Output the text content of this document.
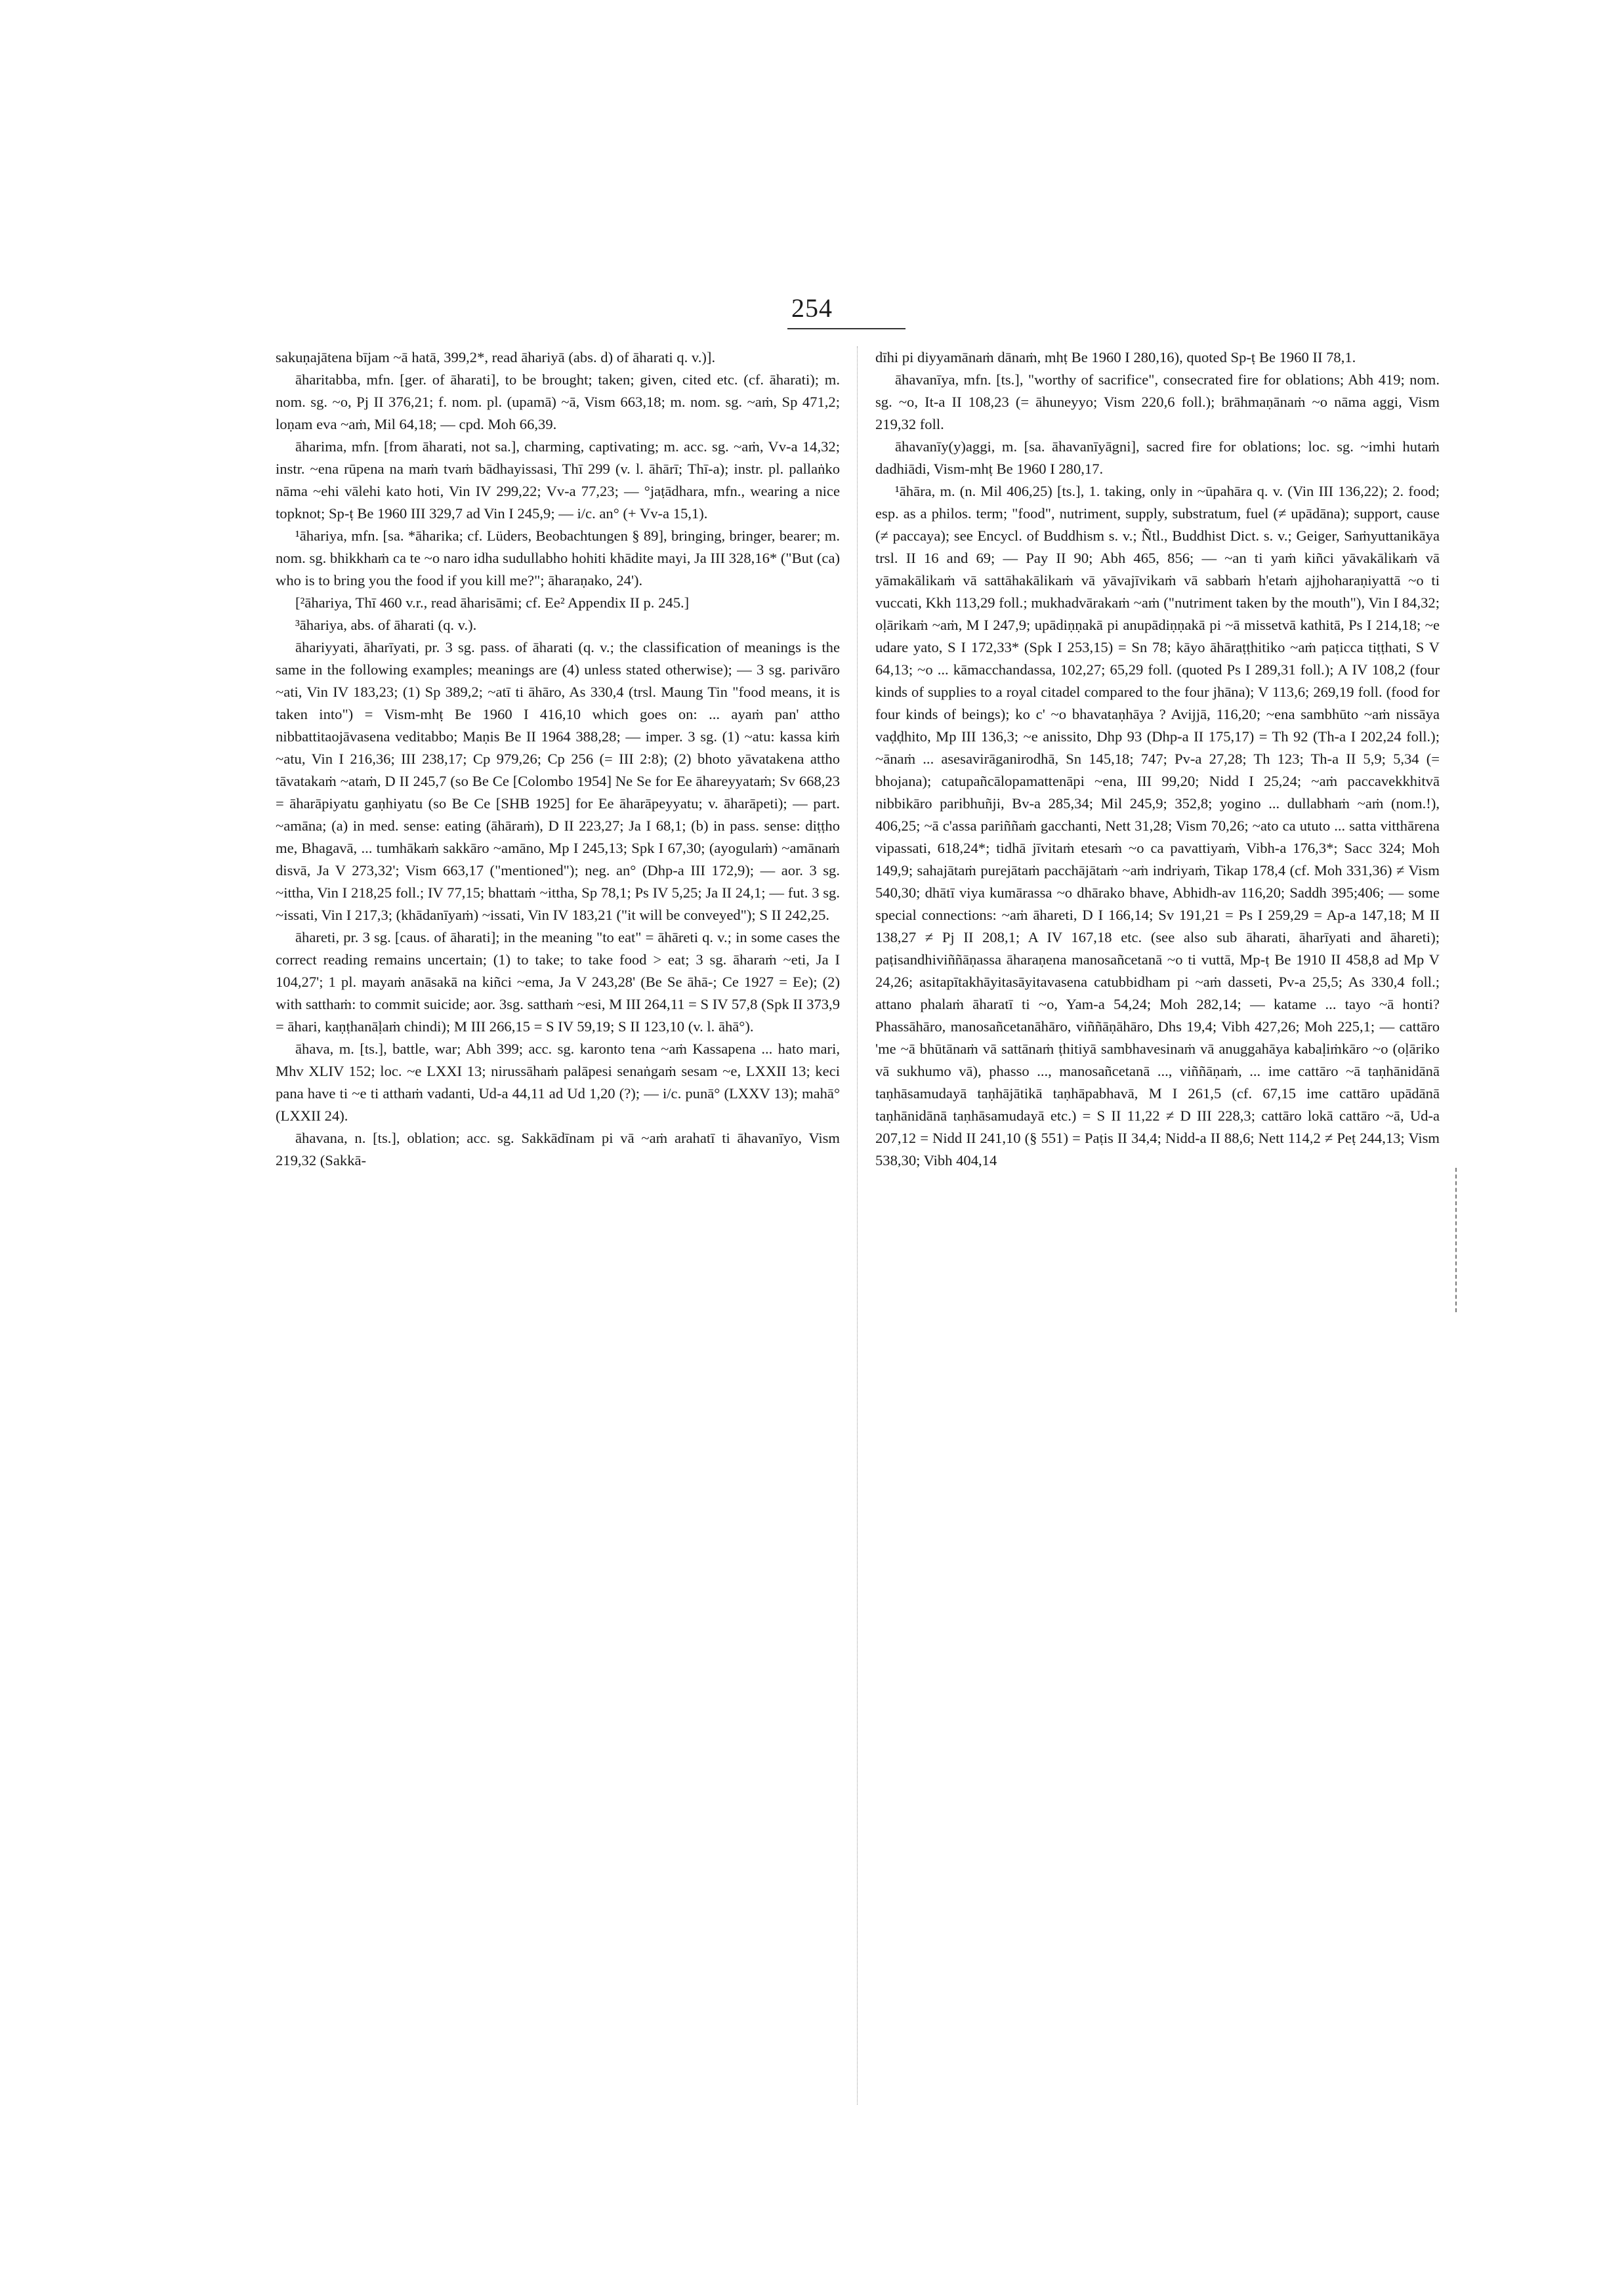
254

sakuṇajātena bījam ~ā hatā, 399,2*, read āhariyā (abs. d) of āharati q. v.)].

āharitabba, mfn. [ger. of āharati], to be brought; taken; given, cited etc. (cf. āharati); m. nom. sg. ~o, Pj II 376,21; f. nom. pl. (upamā) ~ā, Vism 663,18; m. nom. sg. ~aṁ, Sp 471,2; loṇam eva ~aṁ, Mil 64,18; — cpd. Moh 66,39.

āharima, mfn. [from āharati, not sa.], charming, captivating; m. acc. sg. ~aṁ, Vv-a 14,32; instr. ~ena rūpena na maṁ tvaṁ bādhayissasi, Thī 299 (v. l. āhārī; Thī-a); instr. pl. pallaṅko nāma ~ehi vālehi kato hoti, Vin IV 299,22; Vv-a 77,23; — °jaṭādhara, mfn., wearing a nice topknot; Sp-ṭ Be 1960 III 329,7 ad Vin I 245,9; — i/c. an° (+ Vv-a 15,1).

¹āhariya, mfn. [sa. *āharika; cf. Lüders, Beobachtungen § 89], bringing, bringer, bearer; m. nom. sg. bhikkhaṁ ca te ~o naro idha sudullabho hohiti khādite mayi, Ja III 328,16* ("But (ca) who is to bring you the food if you kill me?"; āharaṇako, 24').

[²āhariya, Thī 460 v.r., read āharisāmi; cf. Ee² Appendix II p. 245.]

³āhariya, abs. of āharati (q. v.).

āhariyyati, āharīyati, pr. 3 sg. pass. of āharati (q. v.; the classification of meanings is the same in the following examples; meanings are (4) unless stated otherwise); — 3 sg. parivāro ~ati, Vin IV 183,23; (1) Sp 389,2; ~atī ti āhāro, As 330,4 (trsl. Maung Tin "food means, it is taken into") = Vism-mhṭ Be 1960 I 416,10 which goes on: ... ayaṁ pan' attho nibbattitaojāvasena veditabbo; Maṇis Be II 1964 388,28; — imper. 3 sg. (1) ~atu: kassa kiṁ ~atu, Vin I 216,36; III 238,17; Cp 979,26; Cp 256 (= III 2:8); (2) bhoto yāvatakena attho tāvatakaṁ ~ataṁ, D II 245,7 (so Be Ce [Colombo 1954] Ne Se for Ee āhareyyataṁ; Sv 668,23 = āharāpiyatu gaṇhiyatu (so Be Ce [SHB 1925] for Ee āharāpeyyatu; v. āharāpeti); — part. ~amāna; (a) in med. sense: eating (āhāraṁ), D II 223,27; Ja I 68,1; (b) in pass. sense: diṭṭho me, Bhagavā, ... tumhākaṁ sakkāro ~amāno, Mp I 245,13; Spk I 67,30; (ayogulaṁ) ~amānaṁ disvā, Ja V 273,32'; Vism 663,17 ("mentioned"); neg. an° (Dhp-a III 172,9); — aor. 3 sg. ~ittha, Vin I 218,25 foll.; IV 77,15; bhattaṁ ~ittha, Sp 78,1; Ps IV 5,25; Ja II 24,1; — fut. 3 sg. ~issati, Vin I 217,3; (khādanīyaṁ) ~issati, Vin IV 183,21 ("it will be conveyed"); S II 242,25.

āhareti, pr. 3 sg. [caus. of āharati]; in the meaning "to eat" = āhāreti q. v.; in some cases the correct reading remains uncertain; (1) to take; to take food > eat; 3 sg. āharaṁ ~eti, Ja I 104,27'; 1 pl. mayaṁ anāsakā na kiñci ~ema, Ja V 243,28' (Be Se āhā-; Ce 1927 = Ee); (2) with satthaṁ: to commit suicide; aor. 3sg. satthaṁ ~esi, M III 264,11 = S IV 57,8 (Spk II 373,9 = āhari, kaṇṭhanāḷaṁ chindi); M III 266,15 = S IV 59,19; S II 123,10 (v. l. āhā°).

āhava, m. [ts.], battle, war; Abh 399; acc. sg. karonto tena ~aṁ Kassapena ... hato mari, Mhv XLIV 152; loc. ~e LXXI 13; nirussāhaṁ palāpesi senaṅgaṁ sesam ~e, LXXII 13; keci pana have ti ~e ti atthaṁ vadanti, Ud-a 44,11 ad Ud 1,20 (?); — i/c. punā° (LXXV 13); mahā° (LXXII 24).

āhavana, n. [ts.], oblation; acc. sg. Sakkādīnam pi vā ~aṁ arahatī ti āhavanīyo, Vism 219,32 (Sakkā-

dīhi pi diyyamānaṁ dānaṁ, mhṭ Be 1960 I 280,16), quoted Sp-ṭ Be 1960 II 78,1.

āhavanīya, mfn. [ts.], "worthy of sacrifice", consecrated fire for oblations; Abh 419; nom. sg. ~o, It-a II 108,23 (= āhuneyyo; Vism 220,6 foll.); brāhmaṇānaṁ ~o nāma aggi, Vism 219,32 foll.

āhavanīy(y)aggi, m. [sa. āhavanīyāgni], sacred fire for oblations; loc. sg. ~imhi hutaṁ dadhiādi, Vism-mhṭ Be 1960 I 280,17.

¹āhāra, m. (n. Mil 406,25) [ts.], 1. taking, only in ~ūpahāra q. v. (Vin III 136,22); 2. food; esp. as a philos. term; "food", nutriment, supply, substratum, fuel (≠ upādāna); support, cause (≠ paccaya); see Encycl. of Buddhism s. v.; Ñtl., Buddhist Dict. s. v.; Geiger, Saṁyuttanikāya trsl. II 16 and 69; — Pay II 90; Abh 465, 856; — ~an ti yaṁ kiñci yāvakālikaṁ vā yāmakālikaṁ vā sattāhakālikaṁ vā yāvajīvikaṁ vā sabbaṁ h'etaṁ ajjhoharaṇiyattā ~o ti vuccati, Kkh 113,29 foll.; mukhadvārakaṁ ~aṁ ("nutriment taken by the mouth"), Vin I 84,32; oḷārikaṁ ~aṁ, M I 247,9; upādiṇṇakā pi anupādiṇṇakā pi ~ā missetvā kathitā, Ps I 214,18; ~e udare yato, S I 172,33* (Spk I 253,15) = Sn 78; kāyo āhāraṭṭhitiko ~aṁ paṭicca tiṭṭhati, S V 64,13; ~o ... kāmacchandassa, 102,27; 65,29 foll. (quoted Ps I 289,31 foll.); A IV 108,2 (four kinds of supplies to a royal citadel compared to the four jhāna); V 113,6; 269,19 foll. (food for four kinds of beings); ko c' ~o bhavataṇhāya ? Avijjā, 116,20; ~ena sambhūto ~aṁ nissāya vaḍḍhito, Mp III 136,3; ~e anissito, Dhp 93 (Dhp-a II 175,17) = Th 92 (Th-a I 202,24 foll.); ~ānaṁ ... asesavirāganirodhā, Sn 145,18; 747; Pv-a 27,28; Th 123; Th-a II 5,9; 5,34 (= bhojana); catupañcālopamattenāpi ~ena, III 99,20; Nidd I 25,24; ~aṁ paccavekkhitvā nibbikāro paribhuñji, Bv-a 285,34; Mil 245,9; 352,8; yogino ... dullabhaṁ ~aṁ (nom.!), 406,25; ~ā c'assa pariññaṁ gacchanti, Nett 31,28; Vism 70,26; ~ato ca ututo ... satta vitthārena vipassati, 618,24*; tidhā jīvitaṁ etesaṁ ~o ca pavattiyaṁ, Vibh-a 176,3*; Sacc 324; Moh 149,9; sahajātaṁ purejātaṁ pacchājātaṁ ~aṁ indriyaṁ, Tikap 178,4 (cf. Moh 331,36) ≠ Vism 540,30; dhātī viya kumārassa ~o dhārako bhave, Abhidh-av 116,20; Saddh 395;406; — some special connections: ~aṁ āhareti, D I 166,14; Sv 191,21 = Ps I 259,29 = Ap-a 147,18; M II 138,27 ≠ Pj II 208,1; A IV 167,18 etc. (see also sub āharati, āharīyati and āhareti); paṭisandhiviññāṇassa āharaṇena manosañcetanā ~o ti vuttā, Mp-ṭ Be 1910 II 458,8 ad Mp V 24,26; asitapītakhāyitasāyitavasena catubbidham pi ~aṁ dasseti, Pv-a 25,5; As 330,4 foll.; attano phalaṁ āharatī ti ~o, Yam-a 54,24; Moh 282,14; — katame ... tayo ~ā honti? Phassāhāro, manosañcetanāhāro, viññāṇāhāro, Dhs 19,4; Vibh 427,26; Moh 225,1; — cattāro 'me ~ā bhūtānaṁ vā sattānaṁ ṭhitiyā sambhavesinaṁ vā anuggahāya kabaḷiṁkāro ~o (oḷāriko vā sukhumo vā), phasso ..., manosañcetanā ..., viññāṇaṁ, ... ime cattāro ~ā taṇhānidānā taṇhāsamudayā taṇhājātikā taṇhāpabhavā, M I 261,5 (cf. 67,15 ime cattāro upādānā taṇhānidānā taṇhāsamudayā etc.) = S II 11,22 ≠ D III 228,3; cattāro lokā cattāro ~ā, Ud-a 207,12 = Nidd II 241,10 (§ 551) = Paṭis II 34,4; Nidd-a II 88,6; Nett 114,2 ≠ Peṭ 244,13; Vism 538,30; Vibh 404,14
